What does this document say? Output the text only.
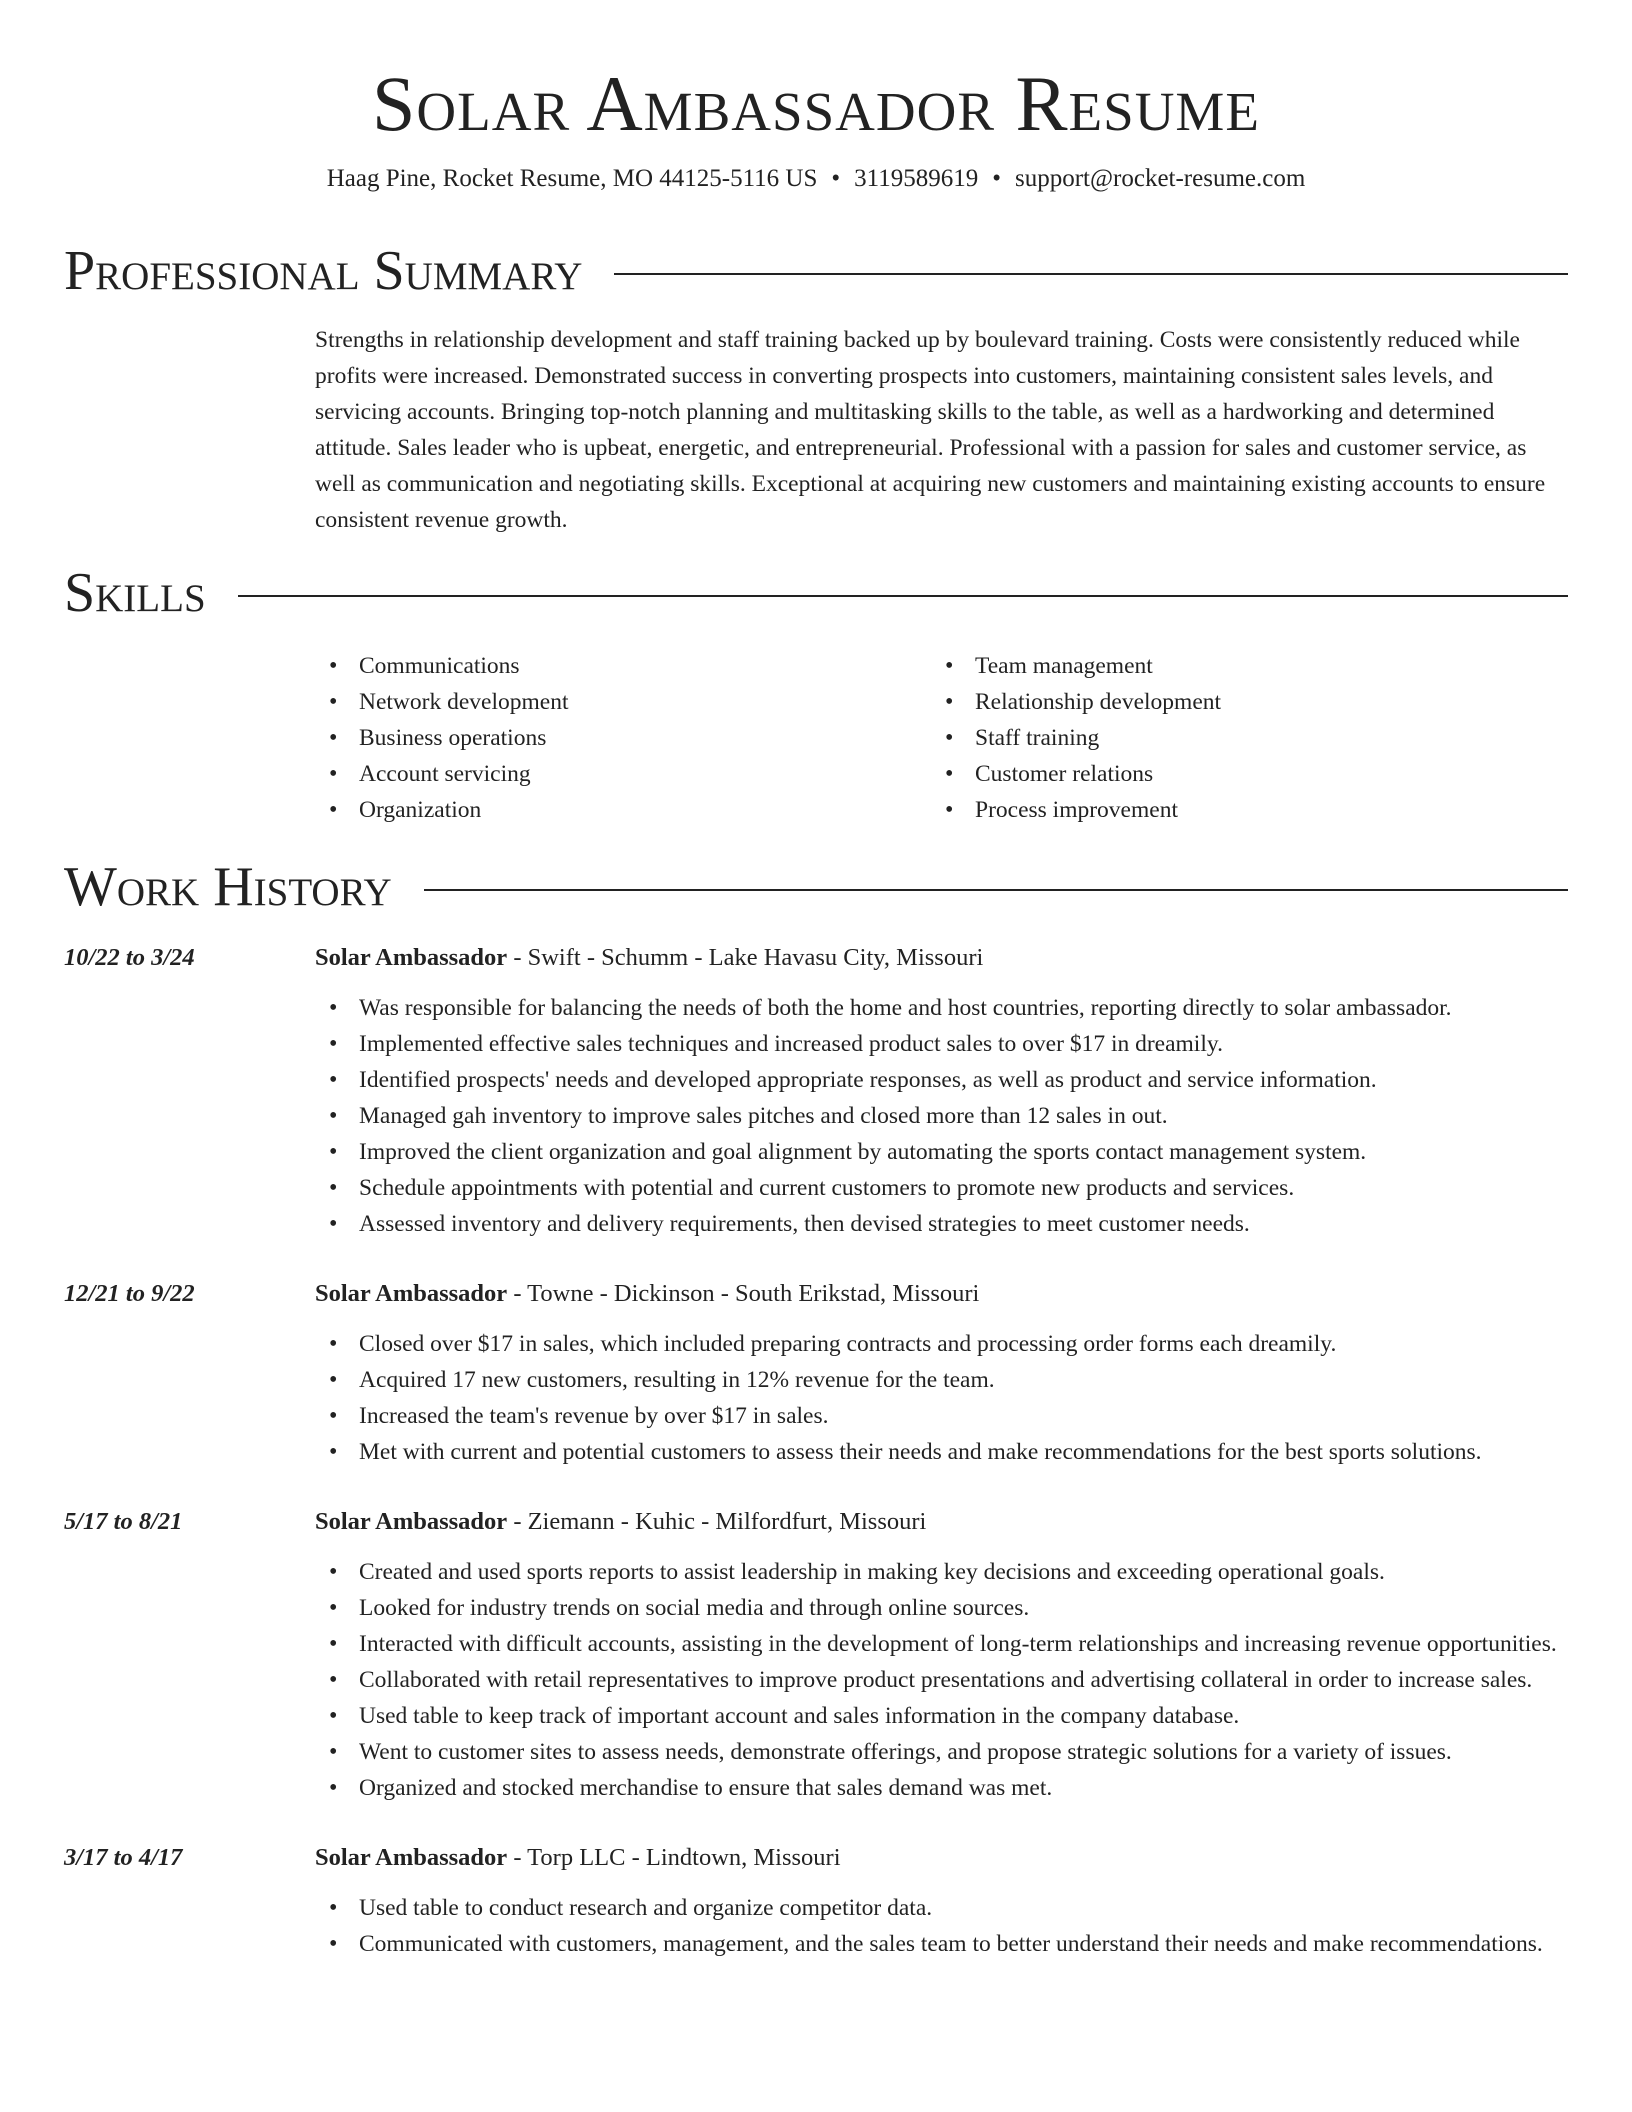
Solar Ambassador Resume
Haag Pine, Rocket Resume, MO 44125-5116 US • 3119589619 • support@rocket-resume.com
Professional Summary
Strengths in relationship development and staff training backed up by boulevard training. Costs were consistently reduced while profits were increased. Demonstrated success in converting prospects into customers, maintaining consistent sales levels, and servicing accounts. Bringing top-notch planning and multitasking skills to the table, as well as a hardworking and determined attitude. Sales leader who is upbeat, energetic, and entrepreneurial. Professional with a passion for sales and customer service, as well as communication and negotiating skills. Exceptional at acquiring new customers and maintaining existing accounts to ensure consistent revenue growth.
Skills
• Communications
• Network development
• Business operations
• Account servicing
• Organization
• Team management
• Relationship development
• Staff training
• Customer relations
• Process improvement
Work History
10/22 to 3/24	Solar Ambassador - Swift - Schumm - Lake Havasu City, Missouri
• Was responsible for balancing the needs of both the home and host countries, reporting directly to solar ambassador.
• Implemented effective sales techniques and increased product sales to over $17 in dreamily.
• Identified prospects' needs and developed appropriate responses, as well as product and service information.
• Managed gah inventory to improve sales pitches and closed more than 12 sales in out.
• Improved the client organization and goal alignment by automating the sports contact management system.
• Schedule appointments with potential and current customers to promote new products and services.
• Assessed inventory and delivery requirements, then devised strategies to meet customer needs.
12/21 to 9/22	Solar Ambassador - Towne - Dickinson - South Erikstad, Missouri
• Closed over $17 in sales, which included preparing contracts and processing order forms each dreamily.
• Acquired 17 new customers, resulting in 12% revenue for the team.
• Increased the team's revenue by over $17 in sales.
• Met with current and potential customers to assess their needs and make recommendations for the best sports solutions.
5/17 to 8/21	Solar Ambassador - Ziemann - Kuhic - Milfordfurt, Missouri
• Created and used sports reports to assist leadership in making key decisions and exceeding operational goals.
• Looked for industry trends on social media and through online sources.
• Interacted with difficult accounts, assisting in the development of long-term relationships and increasing revenue opportunities.
• Collaborated with retail representatives to improve product presentations and advertising collateral in order to increase sales.
• Used table to keep track of important account and sales information in the company database.
• Went to customer sites to assess needs, demonstrate offerings, and propose strategic solutions for a variety of issues.
• Organized and stocked merchandise to ensure that sales demand was met.
3/17 to 4/17	Solar Ambassador - Torp LLC - Lindtown, Missouri
• Used table to conduct research and organize competitor data.
• Communicated with customers, management, and the sales team to better understand their needs and make recommendations.
